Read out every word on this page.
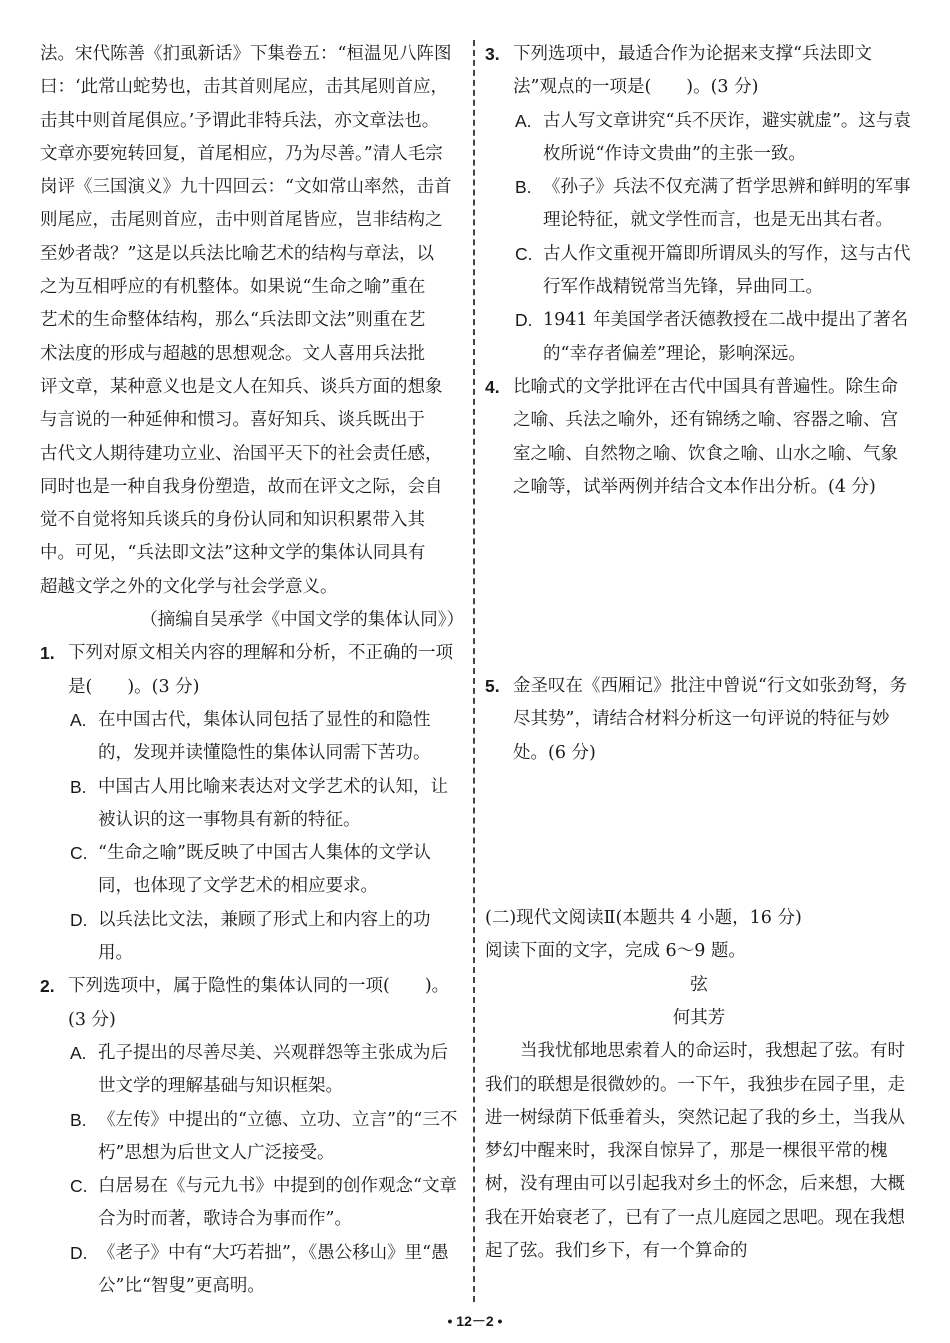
法。宋代陈善《扪虱新话》下集卷五：“桓温见八阵图

曰：‘此常山蛇势也，击其首则尾应，击其尾则首应，

击其中则首尾俱应。’予谓此非特兵法，亦文章法也。

文章亦要宛转回复，首尾相应，乃为尽善。”清人毛宗

岗评《三国演义》九十四回云：“文如常山率然，击首

则尾应，击尾则首应，击中则首尾皆应，岂非结构之

至妙者哉？”这是以兵法比喻艺术的结构与章法，以

之为互相呼应的有机整体。如果说“生命之喻”重在

艺术的生命整体结构，那么“兵法即文法”则重在艺

术法度的形成与超越的思想观念。文人喜用兵法批

评文章，某种意义也是文人在知兵、谈兵方面的想象

与言说的一种延伸和惯习。喜好知兵、谈兵既出于

古代文人期待建功立业、治国平天下的社会责任感，

同时也是一种自我身份塑造，故而在评文之际，会自

觉不自觉将知兵谈兵的身份认同和知识积累带入其

中。可见，“兵法即文法”这种文学的集体认同具有

超越文学之外的文化学与社会学意义。

（摘编自吴承学《中国文学的集体认同》）

1. 下列对原文相关内容的理解和分析，不正确的一项是(　　)。(3 分)
A. 在中国古代，集体认同包括了显性的和隐性的，发现并读懂隐性的集体认同需下苦功。
B. 中国古人用比喻来表达对文学艺术的认知，让被认识的这一事物具有新的特征。
C. “生命之喻”既反映了中国古人集体的文学认同，也体现了文学艺术的相应要求。
D. 以兵法比文法，兼顾了形式上和内容上的功用。
2. 下列选项中，属于隐性的集体认同的一项(　　)。(3 分)
A. 孔子提出的尽善尽美、兴观群怨等主张成为后世文学的理解基础与知识框架。
B. 《左传》中提出的“立德、立功、立言”的“三不朽”思想为后世文人广泛接受。
C. 白居易在《与元九书》中提到的创作观念“文章合为时而著，歌诗合为事而作”。
D. 《老子》中有“大巧若拙”，《愚公移山》里“愚公”比“智叟”更高明。
3. 下列选项中，最适合作为论据来支撑“兵法即文法”观点的一项是(　　)。(3 分)
A. 古人写文章讲究“兵不厌诈，避实就虚”。这与袁枚所说“作诗文贵曲”的主张一致。
B. 《孙子》兵法不仅充满了哲学思辨和鲜明的军事理论特征，就文学性而言，也是无出其右者。
C. 古人作文重视开篇即所谓凤头的写作，这与古代行军作战精锐常当先锋，异曲同工。
D. 1941 年美国学者沃德教授在二战中提出了著名的“幸存者偏差”理论，影响深远。
4. 比喻式的文学批评在古代中国具有普遍性。除生命之喻、兵法之喻外，还有锦绣之喻、容器之喻、宫室之喻、自然物之喻、饮食之喻、山水之喻、气象之喻等，试举两例并结合文本作出分析。(4 分)
5. 金圣叹在《西厢记》批注中曾说“行文如张劲弩，务尽其势”，请结合材料分析这一句评说的特征与妙处。(6 分)

(二)现代文阅读Ⅱ(本题共 4 小题，16 分)

阅读下面的文字，完成 6～9 题。

弦

何其芳

当我忧郁地思索着人的命运时，我想起了弦。有时我们的联想是很微妙的。一下午，我独步在园子里，走进一树绿荫下低垂着头，突然记起了我的乡土，当我从梦幻中醒来时，我深自惊异了，那是一棵很平常的槐树，没有理由可以引起我对乡土的怀念，后来想，大概我在开始衰老了，已有了一点儿庭园之思吧。现在我想起了弦。我们乡下，有一个算命的

• 12－2 •
